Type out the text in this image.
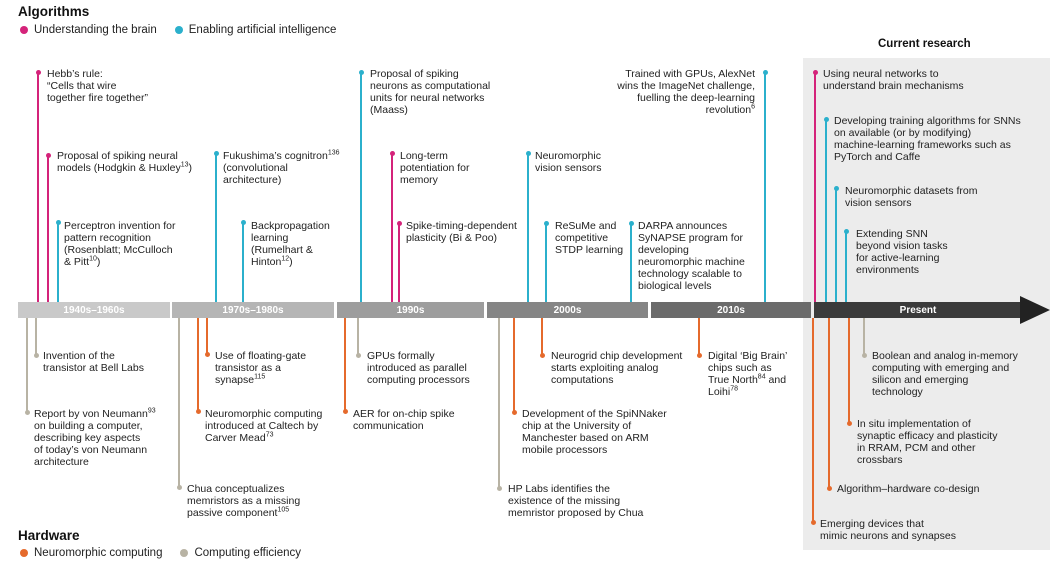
Current research
Algorithms
Understanding the brain	Enabling artificial intelligence
Hardware
Neuromorphic computing	Computing efficiency
1940s–1960s	1970s–1980s	1990s	2000s	2010s	Present
Hebb’s rule:
“Cells that wire
together fire together”
Proposal of spiking neural
models (Hodgkin & Huxley$^{13}$)
Perceptron invention for
pattern recognition
(Rosenblatt; McCulloch
& Pitt$^{10}$)
Fukushima’s cognitron$^{136}$
(convolutional
architecture)
Backpropagation
learning
(Rumelhart &
Hinton$^{12}$)
Proposal of spiking
neurons as computational
units for neural networks
(Maass)
Long-term
potentiation for
memory
Spike-timing-dependent
plasticity (Bi & Poo)
Neuromorphic
vision sensors
ReSuMe and
competitive
STDP learning
DARPA announces
SyNAPSE program for
developing
neuromorphic machine
technology scalable to
biological levels
Trained with GPUs, AlexNet
wins the ImageNet challenge,
fuelling the deep-learning
revolution$^6$
Using neural networks to
understand brain mechanisms
Developing training algorithms for SNNs
on available (or by modifying)
machine-learning frameworks such as
PyTorch and Caffe
Neuromorphic datasets from
vision sensors
Extending SNN
beyond vision tasks
for active-learning
environments
Invention of the
transistor at Bell Labs
Report by von Neumann$^{93}$
on building a computer,
describing key aspects
of today’s von Neumann
architecture
Use of floating-gate
transistor as a
synapse$^{115}$
Neuromorphic computing
introduced at Caltech by
Carver Mead$^{73}$
Chua conceptualizes
memristors as a missing
passive component$^{105}$
GPUs formally
introduced as parallel
computing processors
AER for on-chip spike
communication
Neurogrid chip development
starts exploiting analog
computations
Development of the SpiNNaker
chip at the University of
Manchester based on ARM
mobile processors
HP Labs identifies the
existence of the missing
memristor proposed by Chua
Digital ‘Big Brain’
chips such as
True North$^{84}$ and
Loihi$^{78}$
Boolean and analog in-memory
computing with emerging and
silicon and emerging
technology
In situ implementation of
synaptic efficacy and plasticity
in RRAM, PCM and other
crossbars
Algorithm–hardware co-design
Emerging devices that
mimic neurons and synapses
